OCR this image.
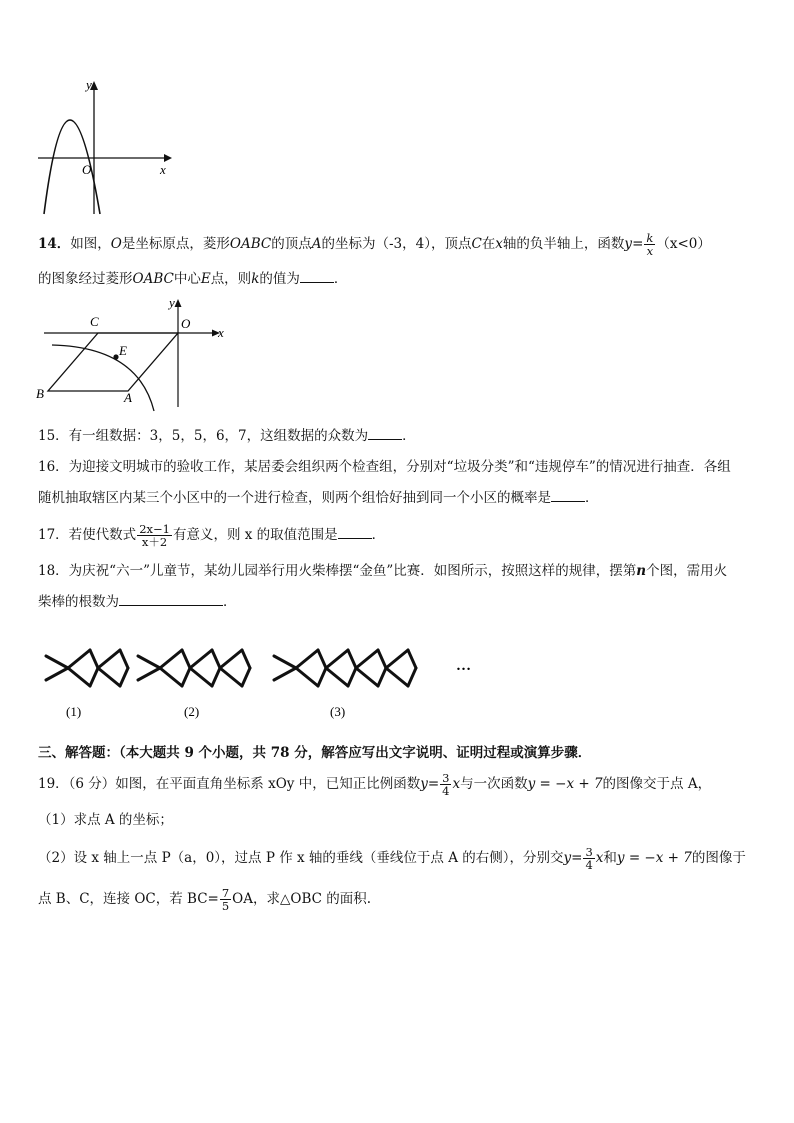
y
x
O
14．如图，O是坐标原点，菱形OABC的顶点A的坐标为（-3，4），顶点C在x轴的负半轴上，函数$y= \frac{k}{x} (x<0)$
的图象经过菱形OABC中心E点，则k的值为	．
C	O
x
y
E
B	A
15．有一组数据：3，5，5，6，7，这组数据的众数为	．
16．为迎接文明城市的验收工作，某居委会组织两个检查组，分别对“垃圾分类”和“违规停车”的情况进行抽查．各组
随机抽取辖区内某三个小区中的一个进行检查，则两个组恰好抽到同一个小区的概率是	．
17．若使代数式 $\frac{2x-1}{x+2}$ 有意义，则 x 的取值范围是	．
18．为庆祝“六一”儿童节，某幼儿园举行用火柴棒摆“金鱼”比赛．如图所示，按照这样的规律，摆第n个图，需用火
柴棒的根数为	．
(1)	(2)	(3)
…
三、解答题：（本大题共 9 个小题，共 78 分，解答应写出文字说明、证明过程或演算步骤．
19．（6 分）如图，在平面直角坐标系 xOy 中，已知正比例函数$y= \frac{3}{4}$ x与一次函数y = −x + 7的图像交于点 A，
（1）求点 A 的坐标；
（2）设 x 轴上一点 P（a，0），过点 P 作 x 轴的垂线（垂线位于点 A 的右侧），分别交$y= \frac{3}{4}$ x和y = −x + 7的图像于
点 B、C，连接 OC，若 $BC= \frac{7}{5}$ OA，求△OBC 的面积.
